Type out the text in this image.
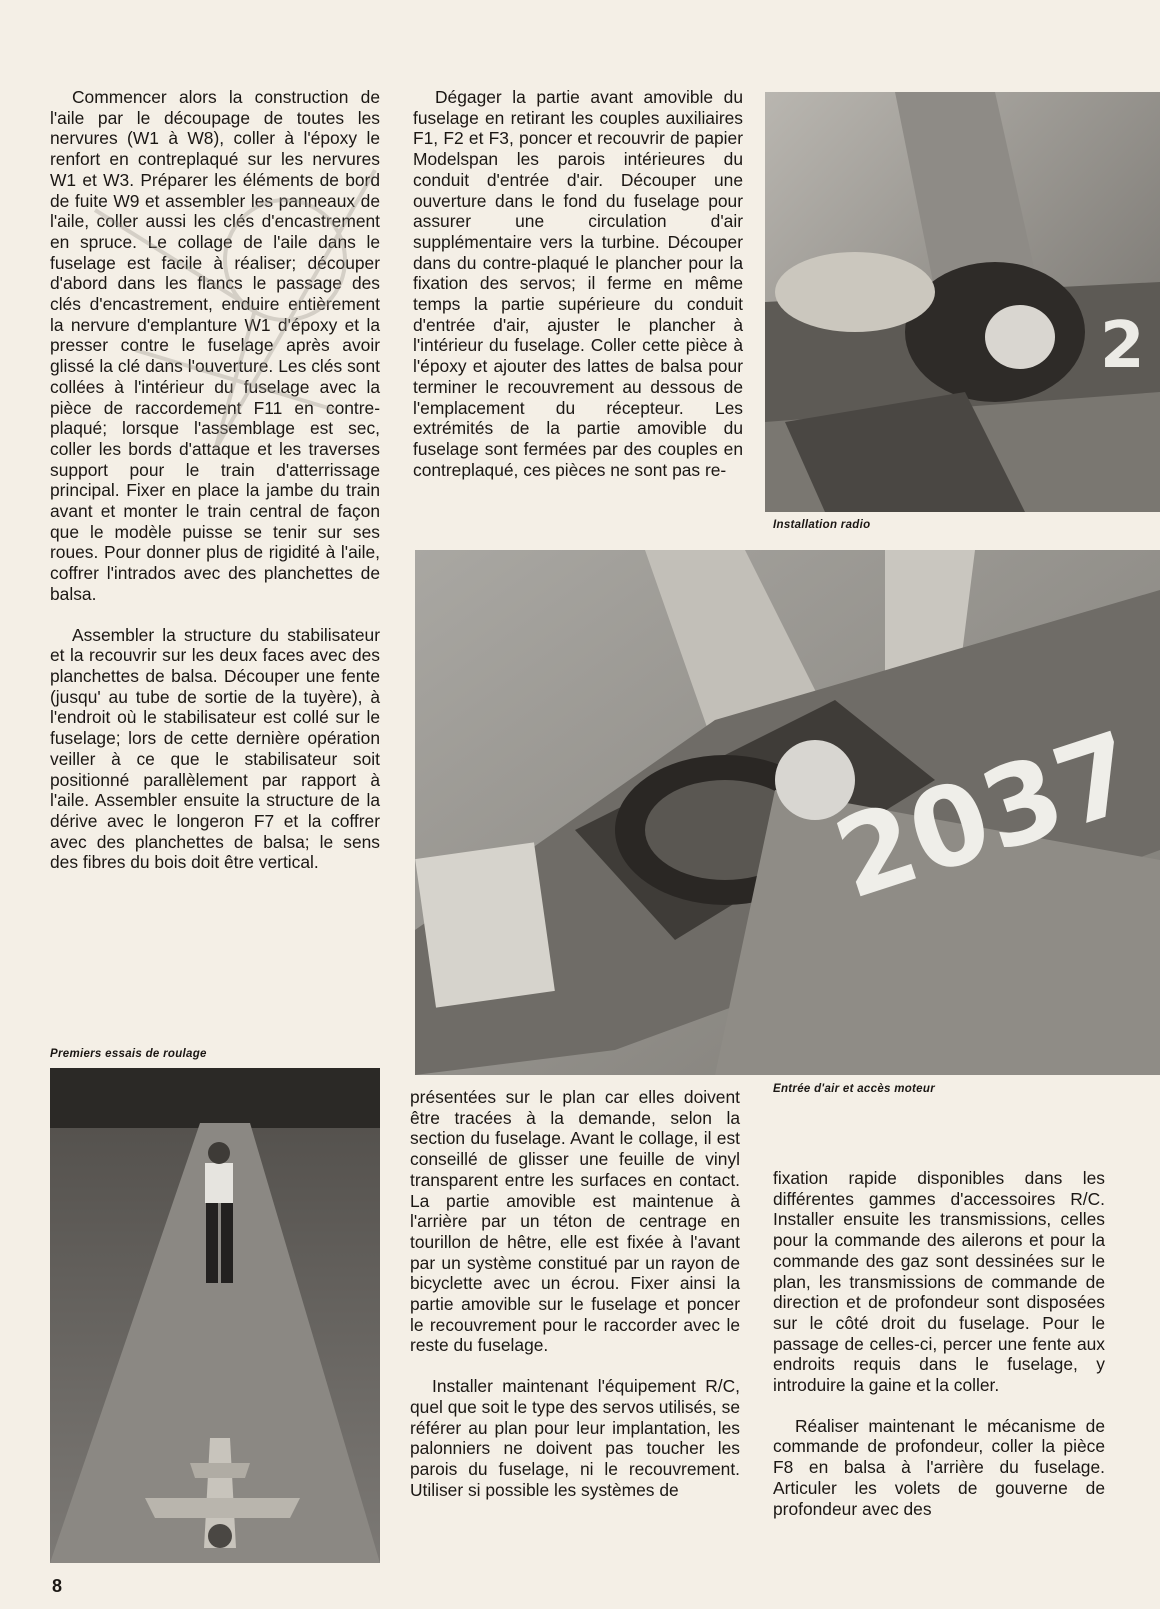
Commencer alors la construction de l'aile par le découpage de toutes les nervures (W1 à W8), coller à l'époxy le renfort en contreplaqué sur les nervures W1 et W3. Préparer les éléments de bord de fuite W9 et assembler les panneaux de l'aile, coller aussi les clés d'encastrement en spruce. Le collage de l'aile dans le fuselage est facile à réaliser; découper d'abord dans les flancs le passage des clés d'encastrement, enduire entièrement la nervure d'emplanture W1 d'époxy et la presser contre le fuselage après avoir glissé la clé dans l'ouverture. Les clés sont collées à l'intérieur du fuselage avec la pièce de raccordement F11 en contre-plaqué; lorsque l'assemblage est sec, coller les bords d'attaque et les traverses support pour le train d'atterrissage principal. Fixer en place la jambe du train avant et monter le train central de façon que le modèle puisse se tenir sur ses roues. Pour donner plus de rigidité à l'aile, coffrer l'intrados avec des planchettes de balsa.

Assembler la structure du stabilisateur et la recouvrir sur les deux faces avec des planchettes de balsa. Découper une fente (jusqu' au tube de sortie de la tuyère), à l'endroit où le stabilisateur est collé sur le fuselage; lors de cette dernière opération veiller à ce que le stabilisateur soit positionné parallèlement par rapport à l'aile. Assembler ensuite la structure de la dérive avec le longeron F7 et la coffrer avec des planchettes de balsa; le sens des fibres du bois doit être vertical.

Dégager la partie avant amovible du fuselage en retirant les couples auxiliaires F1, F2 et F3, poncer et recouvrir de papier Modelspan les parois intérieures du conduit d'entrée d'air. Découper une ouverture dans le fond du fuselage pour assurer une circulation d'air supplémentaire vers la turbine. Découper dans du contre-plaqué le plancher pour la fixation des servos; il ferme en même temps la partie supérieure du conduit d'entrée d'air, ajuster le plancher à l'intérieur du fuselage. Coller cette pièce à l'époxy et ajouter des lattes de balsa pour terminer le recouvrement au dessous de l'emplacement du récepteur. Les extrémités de la partie amovible du fuselage sont fermées par des couples en contreplaqué, ces pièces ne sont pas re-

présentées sur le plan car elles doivent être tracées à la demande, selon la section du fuselage. Avant le collage, il est conseillé de glisser une feuille de vinyl transparent entre les surfaces en contact. La partie amovible est maintenue à l'arrière par un téton de centrage en tourillon de hêtre, elle est fixée à l'avant par un système constitué par un rayon de bicyclette avec un écrou. Fixer ainsi la partie amovible sur le fuselage et poncer le recouvrement pour le raccorder avec le reste du fuselage.

Installer maintenant l'équipement R/C, quel que soit le type des servos utilisés, se référer au plan pour leur implantation, les palonniers ne doivent pas toucher les parois du fuselage, ni le recouvrement. Utiliser si possible les systèmes de

fixation rapide disponibles dans les différentes gammes d'accessoires R/C. Installer ensuite les transmissions, celles pour la commande des ailerons et pour la commande des gaz sont dessinées sur le plan, les transmissions de commande de direction et de profondeur sont disposées sur le côté droit du fuselage. Pour le passage de celles-ci, percer une fente aux endroits requis dans le fuselage, y introduire la gaine et la coller.

Réaliser maintenant le mécanisme de commande de profondeur, coller la pièce F8 en balsa à l'arrière du fuselage. Articuler les volets de gouverne de profondeur avec des

2
Installation radio
2037
Entrée d'air et accès moteur
Premiers essais de roulage
8
